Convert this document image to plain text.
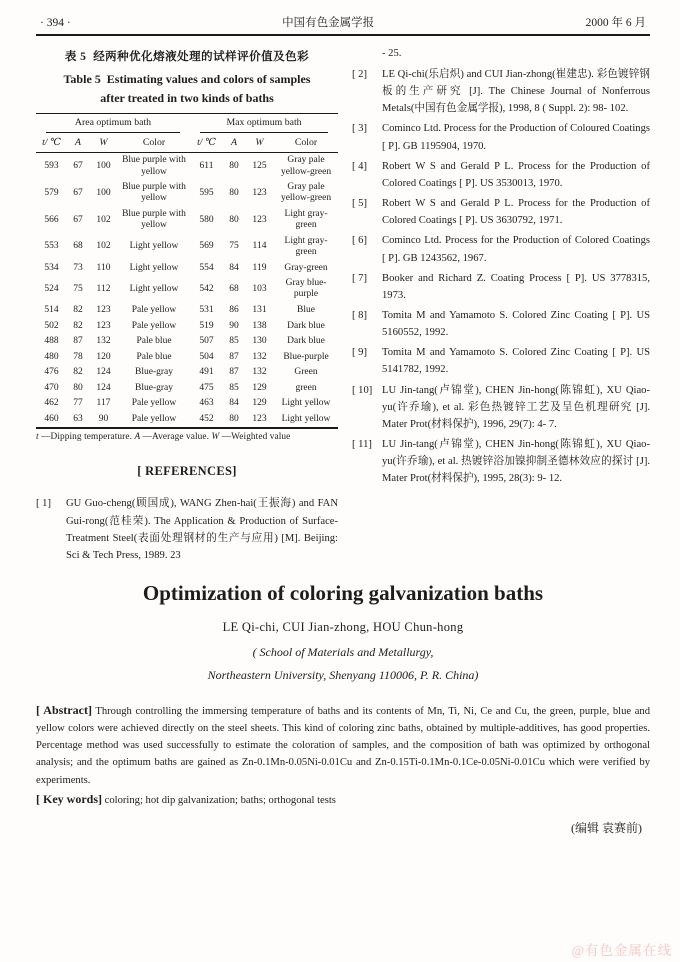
· 394 ·	中国有色金属学报	2000 年 6 月
表 5 经两种优化熔液处理的试样评价值及色彩
Table 5 Estimating values and colors of samples
after treated in two kinds of baths
Area optimum bath				Max optimum bath			

t/ ℃	A	W	Color	t/ ℃	A	W	Color
593	67	100	Blue purple with yellow	611	80	125	Gray pale yellow-green
579	67	100	Blue purple with yellow	595	80	123	Gray pale yellow-green
566	67	102	Blue purple with yellow	580	80	123	Light gray-green
553	68	102	Light yellow	569	75	114	Light gray-green
534	73	110	Light yellow	554	84	119	Gray-green
524	75	112	Light yellow	542	68	103	Gray blue-purple
514	82	123	Pale yellow	531	86	131	Blue
502	82	123	Pale yellow	519	90	138	Dark blue
488	87	132	Pale blue	507	85	130	Dark blue
480	78	120	Pale blue	504	87	132	Blue-purple
476	82	124	Blue-gray	491	87	132	Green
470	80	124	Blue-gray	475	85	129	green
462	77	117	Pale yellow	463	84	129	Light yellow
460	63	90	Pale yellow	452	80	123	Light yellow
t —Dipping temperature. A —Average value. W —Weighted value
[ REFERENCES]
[ 1]	GU Guo-cheng(顾国成), WANG Zhen-hai(王振海) and FAN Gui-rong(范桂荣). The Application & Production of Surface-Treatment Steel(表面处理钢材的生产与应用) [M]. Beijing: Sci & Tech Press, 1989. 23
- 25.
[ 2]	LE Qi-chi(乐启炽) and CUI Jian-zhong(崔建忠). 彩色镀锌钢板的生产研究 [J]. The Chinese Journal of Nonferrous Metals(中国有色金属学报), 1998, 8 ( Suppl. 2): 98- 102.
[ 3]	Cominco Ltd. Process for the Production of Coloured Coatings [ P]. GB 1195904, 1970.
[ 4]	Robert W S and Gerald P L. Process for the Production of Colored Coatings [ P]. US 3530013, 1970.
[ 5]	Robert W S and Gerald P L. Process for the Production of Colored Coatings [ P]. US 3630792, 1971.
[ 6]	Cominco Ltd. Process for the Production of Colored Coatings [ P]. GB 1243562, 1967.
[ 7]	Booker and Richard Z. Coating Process [ P]. US 3778315, 1973.
[ 8]	Tomita M and Yamamoto S. Colored Zinc Coating [ P]. US 5160552, 1992.
[ 9]	Tomita M and Yamamoto S. Colored Zinc Coating [ P]. US 5141782, 1992.
[ 10] LU Jin-tang(卢锦堂), CHEN Jin-hong(陈锦虹), XU Qiao-yu(许乔瑜), et al. 彩色热镀锌工艺及呈色机理研究 [J]. Mater Prot(材料保护), 1996, 29(7): 4- 7.
[ 11] LU Jin-tang(卢锦堂), CHEN Jin-hong(陈锦虹), XU Qiao-yu(许乔瑜), et al. 热镀锌浴加镍抑制圣德林效应的探讨 [J]. Mater Prot(材料保护), 1995, 28(3): 9- 12.
Optimization of coloring galvanization baths
LE Qi-chi, CUI Jian-zhong, HOU Chun-hong
( School of Materials and Metallurgy,
Northeastern University, Shenyang 110006, P. R. China)

[ Abstract] Through controlling the immersing temperature of baths and its contents of Mn, Ti, Ni, Ce and Cu, the green, purple, blue and yellow colors were achieved directly on the steel sheets. This kind of coloring zinc baths, obtained by multiple-additives, has good properties. Percentage method was used successfully to estimate the coloration of samples, and the composition of bath was optimized by orthogonal analysis; and the optimum baths are gained as Zn-0.1Mn-0.05Ni-0.01Cu and Zn-0.15Ti-0.1Mn-0.1Ce-0.05Ni-0.01Cu which were verified by experiments.

[ Key words] coloring; hot dip galvanization; baths; orthogonal tests

(编辑 袁赛前)
@有色金属在线
